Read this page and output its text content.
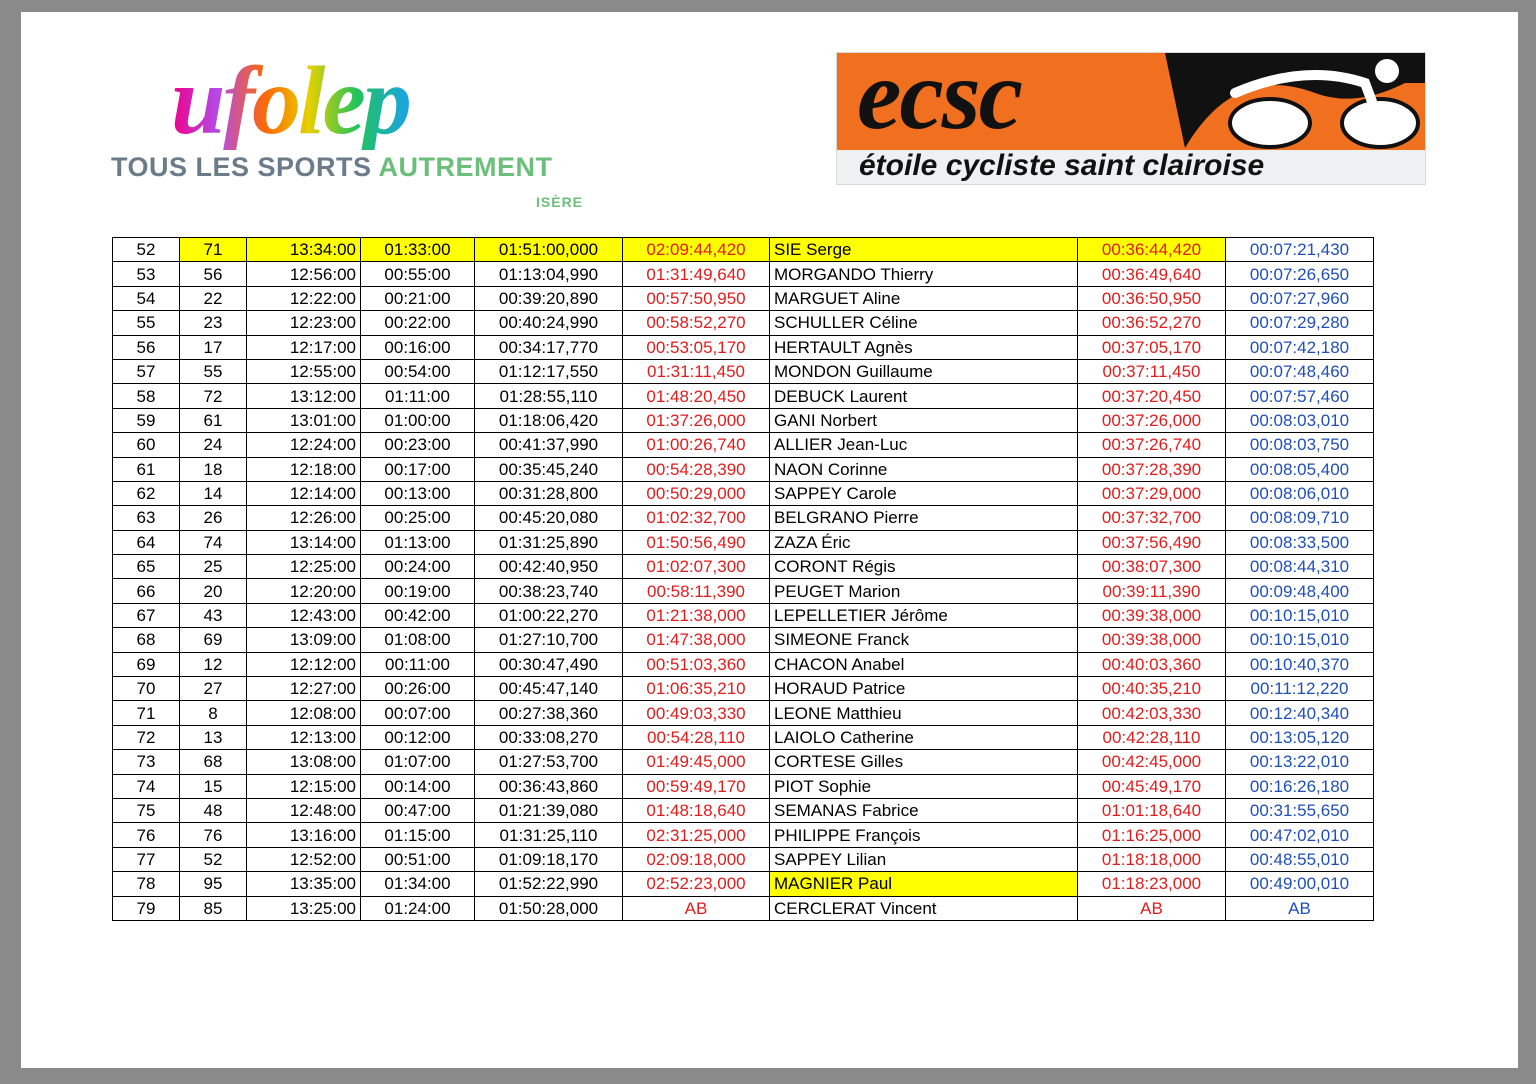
ufolep
TOUS LES SPORTS AUTREMENT
ISÈRE
ecsc
étoile cycliste saint clairoise
52	71	13:34:00	01:33:00	01:51:00,000	02:09:44,420	SIE Serge	00:36:44,420	00:07:21,430
53	56	12:56:00	00:55:00	01:13:04,990	01:31:49,640	MORGANDO Thierry	00:36:49,640	00:07:26,650
54	22	12:22:00	00:21:00	00:39:20,890	00:57:50,950	MARGUET Aline	00:36:50,950	00:07:27,960
55	23	12:23:00	00:22:00	00:40:24,990	00:58:52,270	SCHULLER Céline	00:36:52,270	00:07:29,280
56	17	12:17:00	00:16:00	00:34:17,770	00:53:05,170	HERTAULT Agnès	00:37:05,170	00:07:42,180
57	55	12:55:00	00:54:00	01:12:17,550	01:31:11,450	MONDON Guillaume	00:37:11,450	00:07:48,460
58	72	13:12:00	01:11:00	01:28:55,110	01:48:20,450	DEBUCK Laurent	00:37:20,450	00:07:57,460
59	61	13:01:00	01:00:00	01:18:06,420	01:37:26,000	GANI Norbert	00:37:26,000	00:08:03,010
60	24	12:24:00	00:23:00	00:41:37,990	01:00:26,740	ALLIER Jean-Luc	00:37:26,740	00:08:03,750
61	18	12:18:00	00:17:00	00:35:45,240	00:54:28,390	NAON Corinne	00:37:28,390	00:08:05,400
62	14	12:14:00	00:13:00	00:31:28,800	00:50:29,000	SAPPEY Carole	00:37:29,000	00:08:06,010
63	26	12:26:00	00:25:00	00:45:20,080	01:02:32,700	BELGRANO Pierre	00:37:32,700	00:08:09,710
64	74	13:14:00	01:13:00	01:31:25,890	01:50:56,490	ZAZA Éric	00:37:56,490	00:08:33,500
65	25	12:25:00	00:24:00	00:42:40,950	01:02:07,300	CORONT Régis	00:38:07,300	00:08:44,310
66	20	12:20:00	00:19:00	00:38:23,740	00:58:11,390	PEUGET Marion	00:39:11,390	00:09:48,400
67	43	12:43:00	00:42:00	01:00:22,270	01:21:38,000	LEPELLETIER Jérôme	00:39:38,000	00:10:15,010
68	69	13:09:00	01:08:00	01:27:10,700	01:47:38,000	SIMEONE Franck	00:39:38,000	00:10:15,010
69	12	12:12:00	00:11:00	00:30:47,490	00:51:03,360	CHACON Anabel	00:40:03,360	00:10:40,370
70	27	12:27:00	00:26:00	00:45:47,140	01:06:35,210	HORAUD Patrice	00:40:35,210	00:11:12,220
71	8	12:08:00	00:07:00	00:27:38,360	00:49:03,330	LEONE Matthieu	00:42:03,330	00:12:40,340
72	13	12:13:00	00:12:00	00:33:08,270	00:54:28,110	LAIOLO Catherine	00:42:28,110	00:13:05,120
73	68	13:08:00	01:07:00	01:27:53,700	01:49:45,000	CORTESE Gilles	00:42:45,000	00:13:22,010
74	15	12:15:00	00:14:00	00:36:43,860	00:59:49,170	PIOT Sophie	00:45:49,170	00:16:26,180
75	48	12:48:00	00:47:00	01:21:39,080	01:48:18,640	SEMANAS Fabrice	01:01:18,640	00:31:55,650
76	76	13:16:00	01:15:00	01:31:25,110	02:31:25,000	PHILIPPE François	01:16:25,000	00:47:02,010
77	52	12:52:00	00:51:00	01:09:18,170	02:09:18,000	SAPPEY Lilian	01:18:18,000	00:48:55,010
78	95	13:35:00	01:34:00	01:52:22,990	02:52:23,000	MAGNIER Paul	01:18:23,000	00:49:00,010
79	85	13:25:00	01:24:00	01:50:28,000	AB	CERCLERAT Vincent	AB	AB
